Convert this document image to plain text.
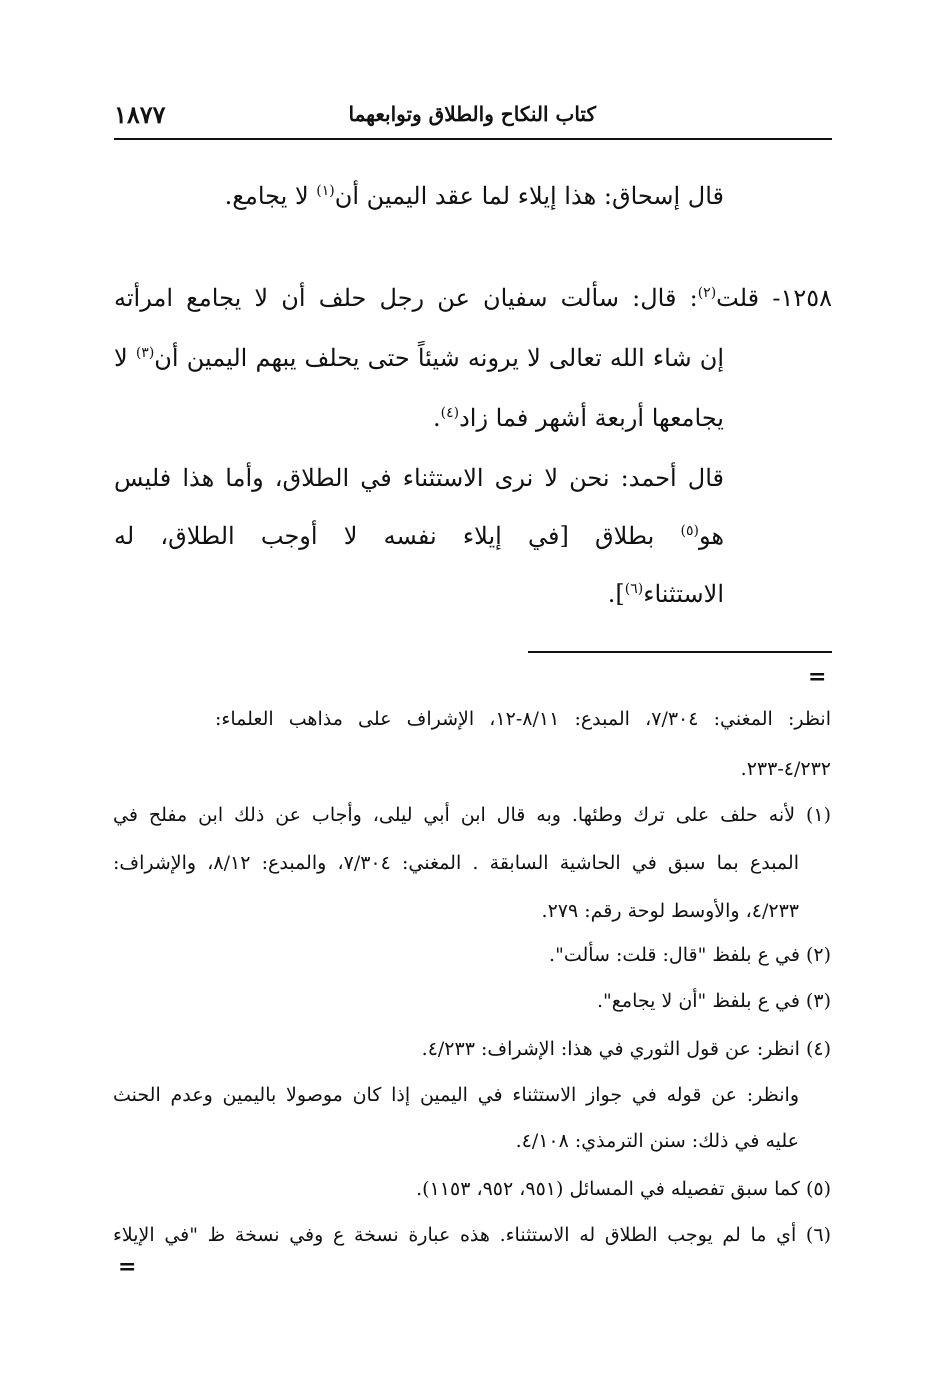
كتاب النكاح والطلاق وتوابعهما
١٨٧٧
قال إسحاق: هذا إيلاء لما عقد اليمين أن$^{(١)}$ لا يجامع.
١٢٥٨- قلت$^{(٢)}$: قال: سألت سفيان عن رجل حلف أن لا يجامع امرأته
إن شاء الله تعالى لا يرونه شيئاً حتى يحلف يبهم اليمين أن$^{(٣)}$ لا
يجامعها أربعة أشهر فما زاد$^{(٤)}$.
قال أحمد: نحن لا نرى الاستثناء في الطلاق، وأما هذا فليس
هو$^{(٥)}$ بطلاق [في إيلاء نفسه لا أوجب الطلاق، له
الاستثناء$^{(٦)}$].
=
انظر: المغني: ٧/٣٠٤، المبدع: ٨/١١-١٢، الإشراف على مذاهب العلماء:
٤/٢٣٢-٢٣٣.
(١) لأنه حلف على ترك وطئها. وبه قال ابن أبي ليلى، وأجاب عن ذلك ابن مفلح في
المبدع بما سبق في الحاشية السابقة . المغني: ٧/٣٠٤، والمبدع: ٨/١٢، والإشراف:
٤/٢٣٣، والأوسط لوحة رقم: ٢٧٩.
(٢) في ع بلفظ "قال: قلت: سألت".
(٣) في ع بلفظ "أن لا يجامع".
(٤) انظر: عن قول الثوري في هذا: الإشراف: ٤/٢٣٣.
وانظر: عن قوله في جواز الاستثناء في اليمين إذا كان موصولا باليمين وعدم الحنث
عليه في ذلك: سنن الترمذي: ٤/١٠٨.
(٥) كما سبق تفصيله في المسائل (٩٥١، ٩٥٢، ١١٥٣).
(٦) أي ما لم يوجب الطلاق له الاستثناء. هذه عبارة نسخة ع وفي نسخة ظ "في الإيلاء
=
